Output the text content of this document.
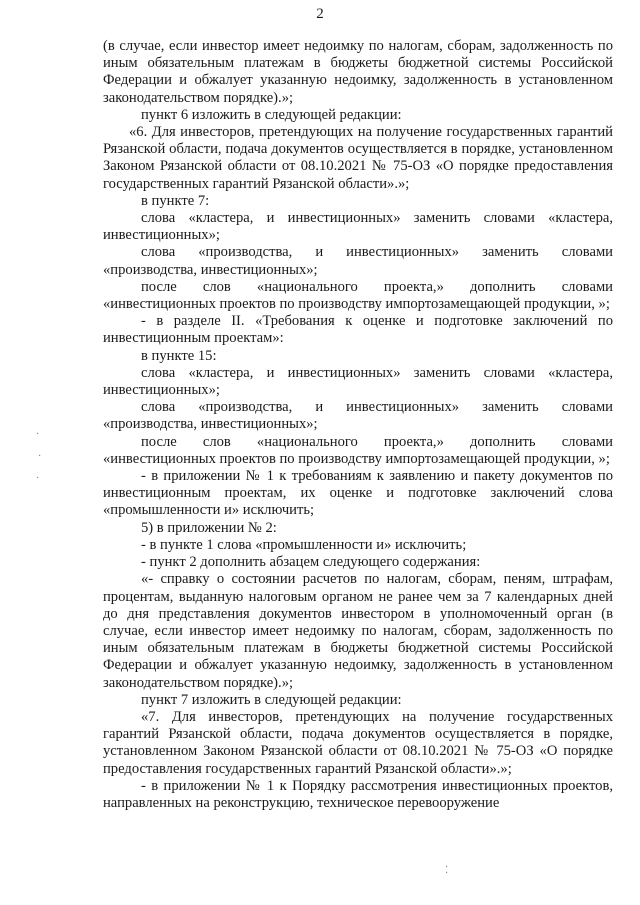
2

(в случае, если инвестор имеет недоимку по налогам, сборам, задолженность по иным обязательным платежам в бюджеты бюджетной системы Российской Федерации и обжалует указанную недоимку, задолженность в установленном законодательством порядке).»;

пункт 6 изложить в следующей редакции:

«6. Для инвесторов, претендующих на получение государственных гарантий Рязанской области, подача документов осуществляется в порядке, установленном Законом Рязанской области от 08.10.2021 № 75-ОЗ «О порядке предоставления государственных гарантий Рязанской области».»;

в пункте 7:

слова «кластера, и инвестиционных» заменить словами «кластера, инвестиционных»;

слова «производства, и инвестиционных» заменить словами «производства, инвестиционных»;

после слов «национального проекта,» дополнить словами «инвестиционных проектов по производству импортозамещающей продукции, »;

- в разделе II. «Требования к оценке и подготовке заключений по инвестиционным проектам»:

в пункте 15:

слова «кластера, и инвестиционных» заменить словами «кластера, инвестиционных»;

слова «производства, и инвестиционных» заменить словами «производства, инвестиционных»;

после слов «национального проекта,» дополнить словами «инвестиционных проектов по производству импортозамещающей продукции, »;

- в приложении № 1 к требованиям к заявлению и пакету документов по инвестиционным проектам, их оценке и подготовке заключений слова «промышленности и» исключить;

5) в приложении № 2:

- в пункте 1 слова «промышленности и» исключить;

- пункт 2 дополнить абзацем следующего содержания:

«- справку о состоянии расчетов по налогам, сборам, пеням, штрафам, процентам, выданную налоговым органом не ранее чем за 7 календарных дней до дня представления документов инвестором в уполномоченный орган (в случае, если инвестор имеет недоимку по налогам, сборам, задолженность по иным обязательным платежам в бюджеты бюджетной системы Российской Федерации и обжалует указанную недоимку, задолженность в установленном законодательством порядке).»;

пункт 7 изложить в следующей редакции:

«7. Для инвесторов, претендующих на получение государственных гарантий Рязанской области, подача документов осуществляется в порядке, установленном Законом Рязанской области от 08.10.2021 № 75-ОЗ «О порядке предоставления государственных гарантий Рязанской области».»;

- в приложении № 1 к Порядку рассмотрения инвестиционных проектов, направленных на реконструкцию, техническое перевооружение

·
·
·
⁚
